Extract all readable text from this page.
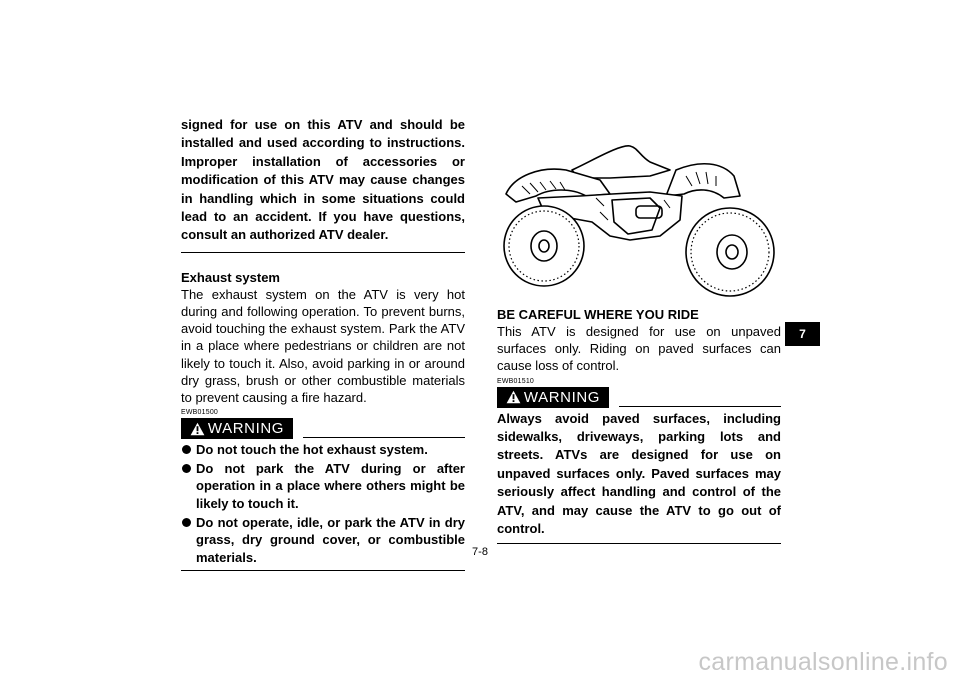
signed for use on this ATV and should be installed and used according to instructions. Improper installation of accessories or modification of this ATV may cause changes in handling which in some situations could lead to an accident. If you have questions, consult an authorized ATV dealer.

Exhaust system

The exhaust system on the ATV is very hot during and following operation. To prevent burns, avoid touching the exhaust system. Park the ATV in a place where pedestrians or children are not likely to touch it. Also, avoid parking in or around dry grass, brush or other combustible materials to prevent causing a fire hazard.

EWB01500

WARNING
Do not touch the hot exhaust system.
Do not park the ATV during or after operation in a place where others might be likely to touch it.
Do not operate, idle, or park the ATV in dry grass, dry ground cover, or combustible materials.

BE CAREFUL WHERE YOU RIDE

This ATV is designed for use on unpaved surfaces only. Riding on paved surfaces can cause loss of control.

EWB01510

WARNING

Always avoid paved surfaces, including sidewalks, driveways, parking lots and streets. ATVs are designed for use on unpaved surfaces only. Paved surfaces may seriously affect handling and control of the ATV, and may cause the ATV to go out of control.

7
7-8
carmanualsonline.info
